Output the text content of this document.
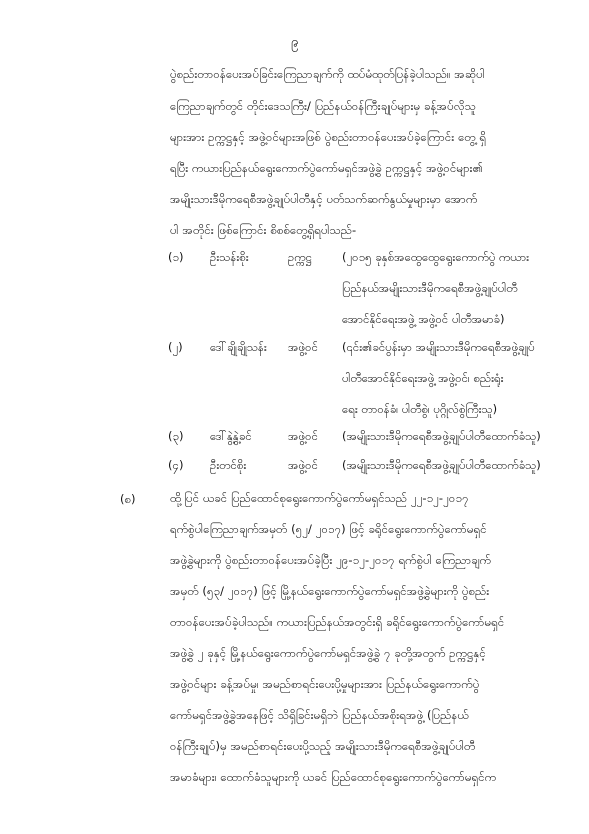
၉
ပွဲစည်းတာဝန်ပေးအပ်ခြင်းကြေညာချက်ကို ထပ်မံထုတ်ပြန်ခဲ့ပါသည်။ အဆိုပါ
ကြေညာချက်တွင် တိုင်းဒေသကြီး/ ပြည်နယ်ဝန်ကြီးချုပ်များမှ ခန့်အပ်လိုသူ
များအား ဥက္ကဋ္ဌနှင့် အဖွဲ့ဝင်များအဖြစ် ပွဲစည်းတာဝန်ပေးအပ်ခဲ့ကြောင်း တွေ့ ရှိ
ရပြီး ကယားပြည်နယ်ရွေးကောက်ပွဲကော်မရှင်အဖွဲ့ခွဲ ဥက္ကဋ္ဌနှင့် အဖွဲ့ဝင်များ၏
အမျိုးသားဒီမိုကရေစီအဖွဲ့ချုပ်ပါတီနှင့် ပတ်သက်ဆက်နွယ်မှုများမှာ အောက်
ပါ အတိုင်း ဖြစ်ကြောင်း စိစစ်တွေ့ရှိရပါသည်-
(၁) ဦးသန်းစိုး	ဥက္ကဋ္ဌ	(၂၀၁၅ ခုနှစ်အထွေထွေရွေးကောက်ပွဲ ကယား
ပြည်နယ်အမျိုးသားဒီမိုကရေစီအဖွဲ့ချုပ်ပါတီ
အောင်နိုင်ရေးအဖွဲ့ အဖွဲ့ဝင် ပါတီအမာခံ)
(၂) ဒေါ်ချိုချိုသန်း အဖွဲ့ဝင် (၎င်း၏ခင်ပွန်းမှာ အမျိုးသားဒီမိုကရေစီအဖွဲ့ချုပ်
ပါတီအောင်နိုင်ရေးအဖွဲ့ အဖွဲ့ဝင်၊ စည်းရုံး
ရေး တာဝန်ခံ၊ ပါတီစွဲ၊ ပုဂ္ဂိုလ်စွဲကြီးသူ)
(၃) ဒေါ်နွဲ့နွဲ့ခင်	အဖွဲ့ဝင် (အမျိုးသားဒီမိုကရေစီအဖွဲ့ချုပ်ပါတီထောက်ခံသူ)
(၄) ဦးတင်စိုး	အဖွဲ့ဝင် (အမျိုးသားဒီမိုကရေစီအဖွဲ့ချုပ်ပါတီထောက်ခံသူ)
(စ)	ထို့ပြင် ယခင် ပြည်ထောင်စုရွေးကောက်ပွဲကော်မရှင်သည် ၂၂-၁၂-၂၀၁၇
ရက်စွဲပါကြေညာချက်အမှတ် (၅၂/ ၂၀၁၇) ဖြင့် ခရိုင်ရွေးကောက်ပွဲကော်မရှင်
အဖွဲ့ခွဲများကို ပွဲစည်းတာဝန်ပေးအပ်ခဲ့ပြီး ၂၉-၁၂-၂၀၁၇ ရက်စွဲပါ ကြေညာချက်
အမှတ် (၅၃/ ၂၀၁၇) ဖြင့် မြို့နယ်ရွေးကောက်ပွဲကော်မရှင်အဖွဲ့ခွဲများကို ပွဲစည်း
တာဝန်ပေးအပ်ခဲ့ပါသည်။ ကယားပြည်နယ်အတွင်းရှိ ခရိုင်ရွေးကောက်ပွဲကော်မရှင်
အဖွဲ့ခွဲ ၂ ခုနှင့် မြို့နယ်ရွေးကောက်ပွဲကော်မရှင်အဖွဲ့ခွဲ ၇ ခုတို့အတွက် ဥက္ကဋ္ဌနှင့်
အဖွဲ့ဝင်များ ခန့်အပ်မှု၊ အမည်စာရင်းပေးပို့မှုများအား ပြည်နယ်ရွေးကောက်ပွဲ
ကော်မရှင်အဖွဲ့ခွဲအနေဖြင့် သိရှိခြင်းမရှိဘဲ ပြည်နယ်အစိုးရအဖွဲ့ (ပြည်နယ်
ဝန်ကြီးချုပ်)မှ အမည်စာရင်းပေးပို့သည့် အမျိုးသားဒီမိုကရေစီအဖွဲ့ချုပ်ပါတီ
အမာခံများ၊ ထောက်ခံသူများကို ယခင် ပြည်ထောင်စုရွေးကောက်ပွဲကော်မရှင်က
